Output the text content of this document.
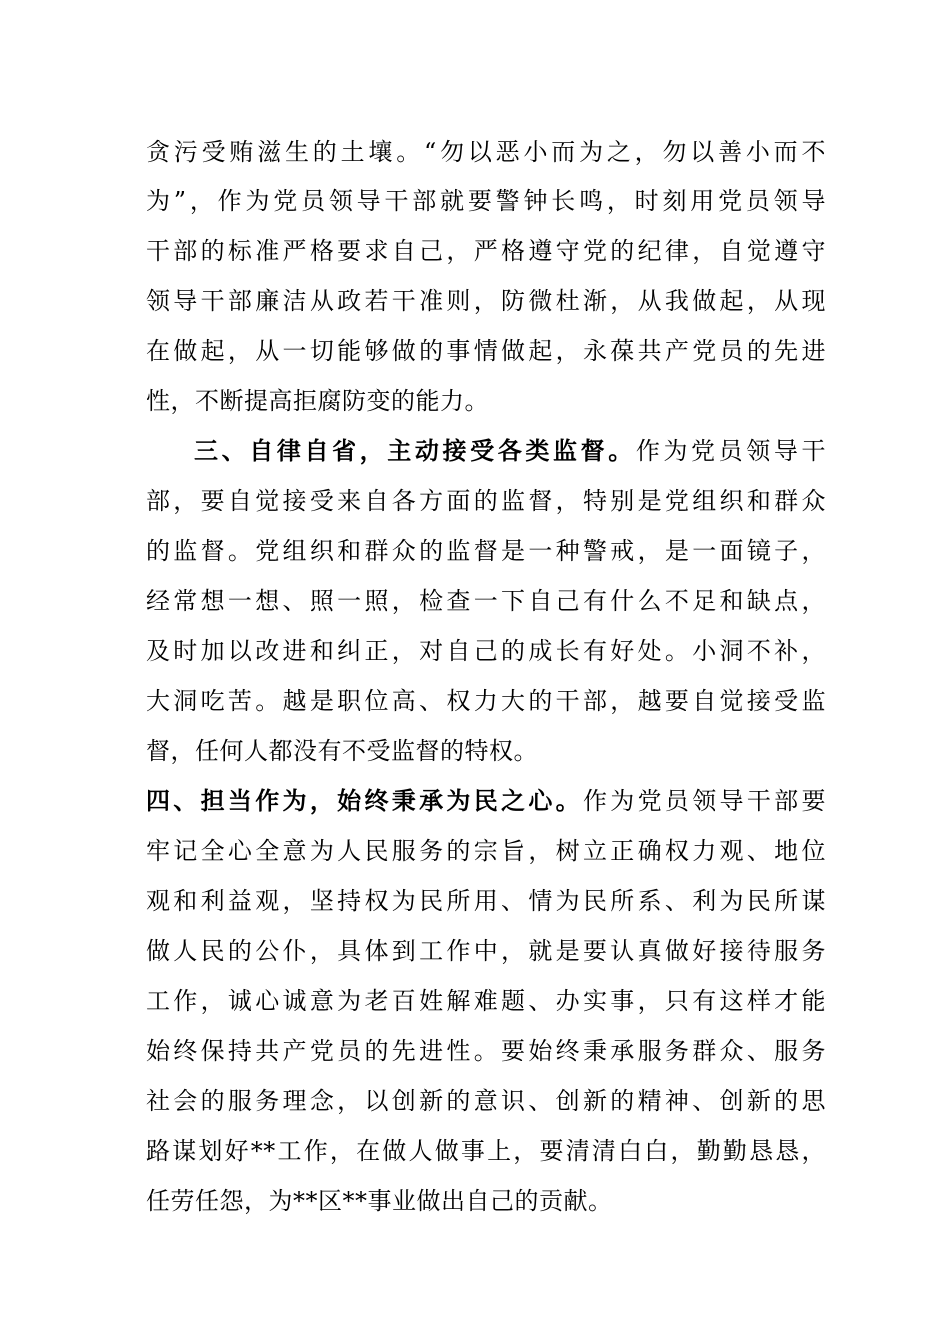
贪污受贿滋生的土壤。“勿以恶小而为之，勿以善小而不
为”，作为党员领导干部就要警钟长鸣，时刻用党员领导
干部的标准严格要求自己，严格遵守党的纪律，自觉遵守
领导干部廉洁从政若干准则，防微杜渐，从我做起，从现
在做起，从一切能够做的事情做起，永葆共产党员的先进
性，不断提高拒腐防变的能力。
三、自律自省，主动接受各类监督。作为党员领导干
部，要自觉接受来自各方面的监督，特别是党组织和群众
的监督。党组织和群众的监督是一种警戒，是一面镜子，
经常想一想、照一照，检查一下自己有什么不足和缺点，
及时加以改进和纠正，对自己的成长有好处。小洞不补，
大洞吃苦。越是职位高、权力大的干部，越要自觉接受监
督，任何人都没有不受监督的特权。
四、担当作为，始终秉承为民之心。作为党员领导干部要
牢记全心全意为人民服务的宗旨，树立正确权力观、地位
观和利益观，坚持权为民所用、情为民所系、利为民所谋
做人民的公仆，具体到工作中，就是要认真做好接待服务
工作，诚心诚意为老百姓解难题、办实事，只有这样才能
始终保持共产党员的先进性。要始终秉承服务群众、服务
社会的服务理念，以创新的意识、创新的精神、创新的思
路谋划好**工作，在做人做事上，要清清白白，勤勤恳恳，
任劳任怨，为**区**事业做出自己的贡献。
